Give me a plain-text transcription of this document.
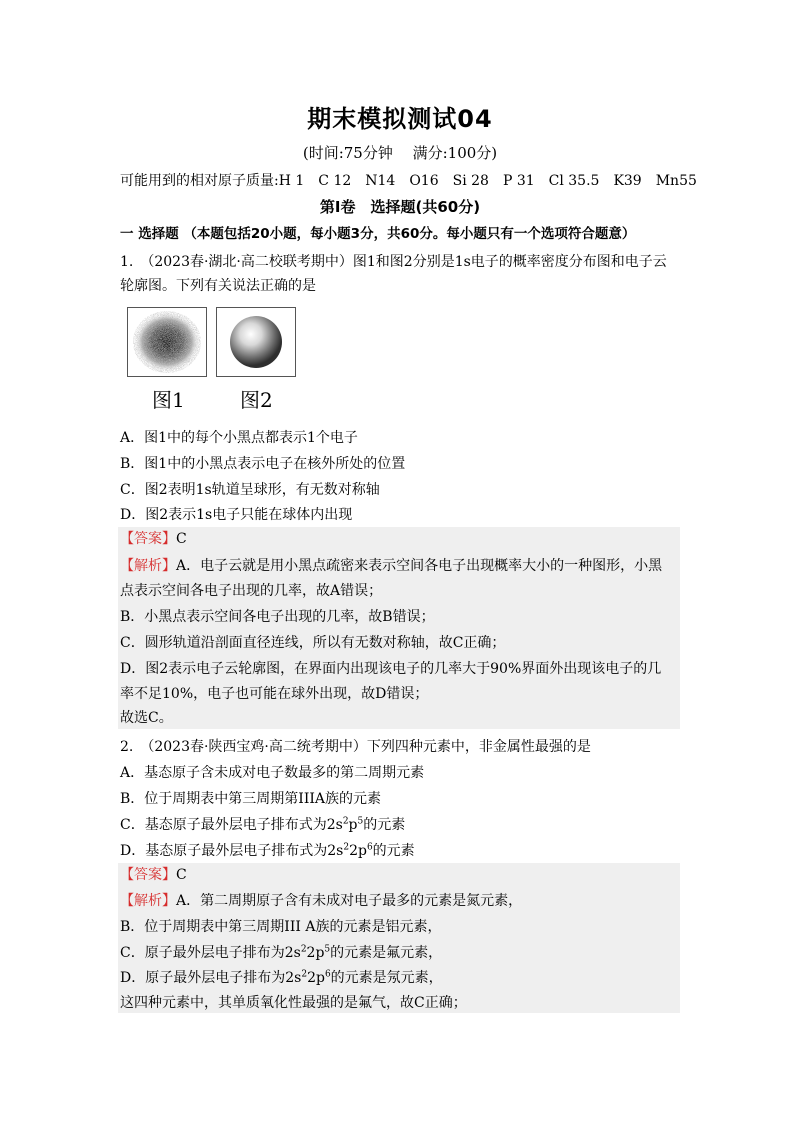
期末模拟测试04
(时间:75分钟　 满分:100分)
可能用到的相对原子质量:H 1　C 12　N14　O16　Si 28　P 31　Cl 35.5　K39　Mn55
第Ⅰ卷　选择题(共60分)
一 选择题 （本题包括20小题，每小题3分，共60分。每小题只有一个选项符合题意）
1.　（2023春·湖北·高二校联考期中）图1和图2分别是1s电子的概率密度分布图和电子云
轮廓图。下列有关说法正确的是
图1	图2
A．图1中的每个小黑点都表示1个电子
B．图1中的小黑点表示电子在核外所处的位置
C．图2表明1s轨道呈球形，有无数对称轴
D．图2表示1s电子只能在球体内出现
【答案】C
【解析】A．电子云就是用小黑点疏密来表示空间各电子出现概率大小的一种图形，小黑
点表示空间各电子出现的几率，故A错误；
B．小黑点表示空间各电子出现的几率，故B错误；
C．圆形轨道沿剖面直径连线，所以有无数对称轴，故C正确；
D．图2表示电子云轮廓图，在界面内出现该电子的几率大于90%界面外出现该电子的几
率不足10%，电子也可能在球外出现，故D错误；
故选C。
2.　（2023春·陕西宝鸡·高二统考期中）下列四种元素中，非金属性最强的是
A．基态原子含未成对电子数最多的第二周期元素
B．位于周期表中第三周期第IIIA族的元素
C．基态原子最外层电子排布式为$2s^2p^5$的元素
D．基态原子最外层电子排布式为$2s^22p^6$的元素
【答案】C
【解析】A．第二周期原子含有未成对电子最多的元素是氮元素，
B．位于周期表中第三周期III A族的元素是铝元素，
C．原子最外层电子排布为$2s^22p^5$的元素是氟元素，
D．原子最外层电子排布为$2s^22p^6$的元素是氖元素，
这四种元素中，其单质氧化性最强的是氟气，故C正确；
